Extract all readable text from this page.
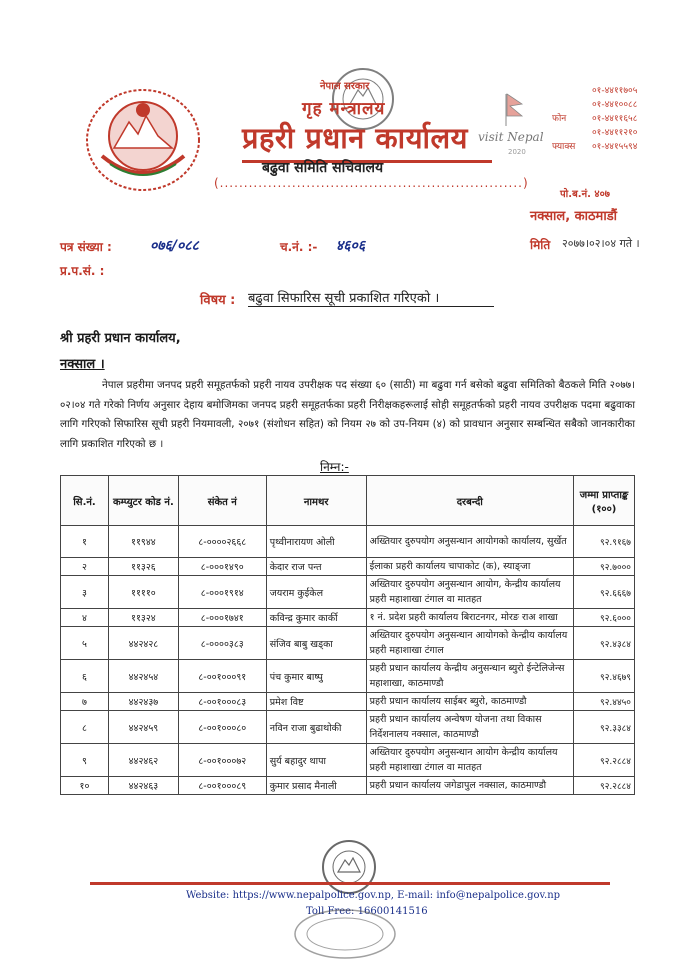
visit Nepal
2020
नेपाल सरकार
गृह मन्त्रालय
प्रहरी प्रधान कार्यालय
बढुवा समिति सचिवालय
(...............................................................)
०१-४४११७०५
०१-४४१००८८
फोन	०१-४४११६५८
०१-४४११२१०
फ्याक्स ०१-४४१५५९४
पो.ब.नं. ४०७
नक्साल, काठमाडौं
पत्र संख्या :	०७६/०८८	च.नं. :- ४६०६	मिति २०७७।०२।०४ गते ।
प्र.प.सं. :
विषय : बढुवा सिफारिस सूची प्रकाशित गरिएको ।
श्री प्रहरी प्रधान कार्यालय,
नक्साल ।

नेपाल प्रहरीमा जनपद प्रहरी समूहतर्फको प्रहरी नायव उपरीक्षक पद संख्या ६० (साठी) मा बढुवा गर्न बसेको बढुवा समितिको बैठकले मिति २०७७।०२।०४ गते गरेको निर्णय अनुसार देहाय बमोजिमका जनपद प्रहरी समूहतर्फका प्रहरी निरीक्षकहरूलाई सोही समूहतर्फको प्रहरी नायव उपरीक्षक पदमा बढुवाका लागि गरिएको सिफारिस सूची प्रहरी नियमावली, २०७१ (संशोधन सहित) को नियम २७ को उप-नियम (४) को प्रावधान अनुसार सम्बन्धित सबैको जानकारीका लागि प्रकाशित गरिएको छ ।

निम्न:-
सि.नं.	कम्प्युटर कोड नं.	संकेत नं	नामथर	दरबन्दी	जम्मा प्राप्ताङ्क (१००)
१	११९४४	८-००००२६६८	पृथ्वीनारायण ओली	अख्तियार दुरुपयोग अनुसन्धान आयोगको कार्यालय, सुर्खेत	९२.९१६७
२	११३२६	८-०००१४९०	केदार राज पन्त	ईलाका प्रहरी कार्यालय चापाकोट (क), स्याङ्जा	९२.७०००
३	११११०	८-०००१९१४	जयराम कुईकेल	अख्तियार दुरुपयोग अनुसन्धान आयोग, केन्द्रीय कार्यालय प्रहरी महाशाखा टंगाल वा मातहत	९२.६६६७
४	११३२४	८-०००१७४१	कविन्द्र कुमार कार्की	१ नं. प्रदेश प्रहरी कार्यालय बिराटनगर, मोरङ राअ शाखा	९२.६०००
५	४४२४२८	८-००००३८३	संजिव बाबु खड्का	अख्तियार दुरुपयोग अनुसन्धान आयोगको केन्द्रीय कार्यालय प्रहरी महाशाखा टंगाल	९२.४३८४
६	४४२४५४	८-००१०००९१	पंच कुमार बाष्पु	प्रहरी प्रधान कार्यालय केन्द्रीय अनुसन्धान ब्युरो ईन्टेलिजेन्स महाशाखा, काठमाण्डौ	९२.४६७९
७	४४२४३७	८-००१०००८३	प्रमेश विष्ट	प्रहरी प्रधान कार्यालय साईबर ब्युरो, काठमाण्डौ	९२.४४५०
८	४४२४५९	८-००१०००८०	नविन राजा बुढाथोकी	प्रहरी प्रधान कार्यालय अन्वेषण योजना तथा विकास निर्देशनालय नक्साल, काठमाण्डौ	९२.३३८४
९	४४२४६२	८-००१०००७२	सुर्य बहादुर थापा	अख्तियार दुरुपयोग अनुसन्धान आयोग केन्द्रीय कार्यालय प्रहरी महाशाखा टंगाल वा मातहत	९२.२८८४
१०	४४२४६३	८-००१०००८९	कुमार प्रसाद मैनाली	प्रहरी प्रधान कार्यालय जगेडापुल नक्साल, काठमाण्डौ	९२.२८८४
Website: https://www.nepalpolice.gov.np, E-mail: info@nepalpolice.gov.np
Toll Free: 16600141516
